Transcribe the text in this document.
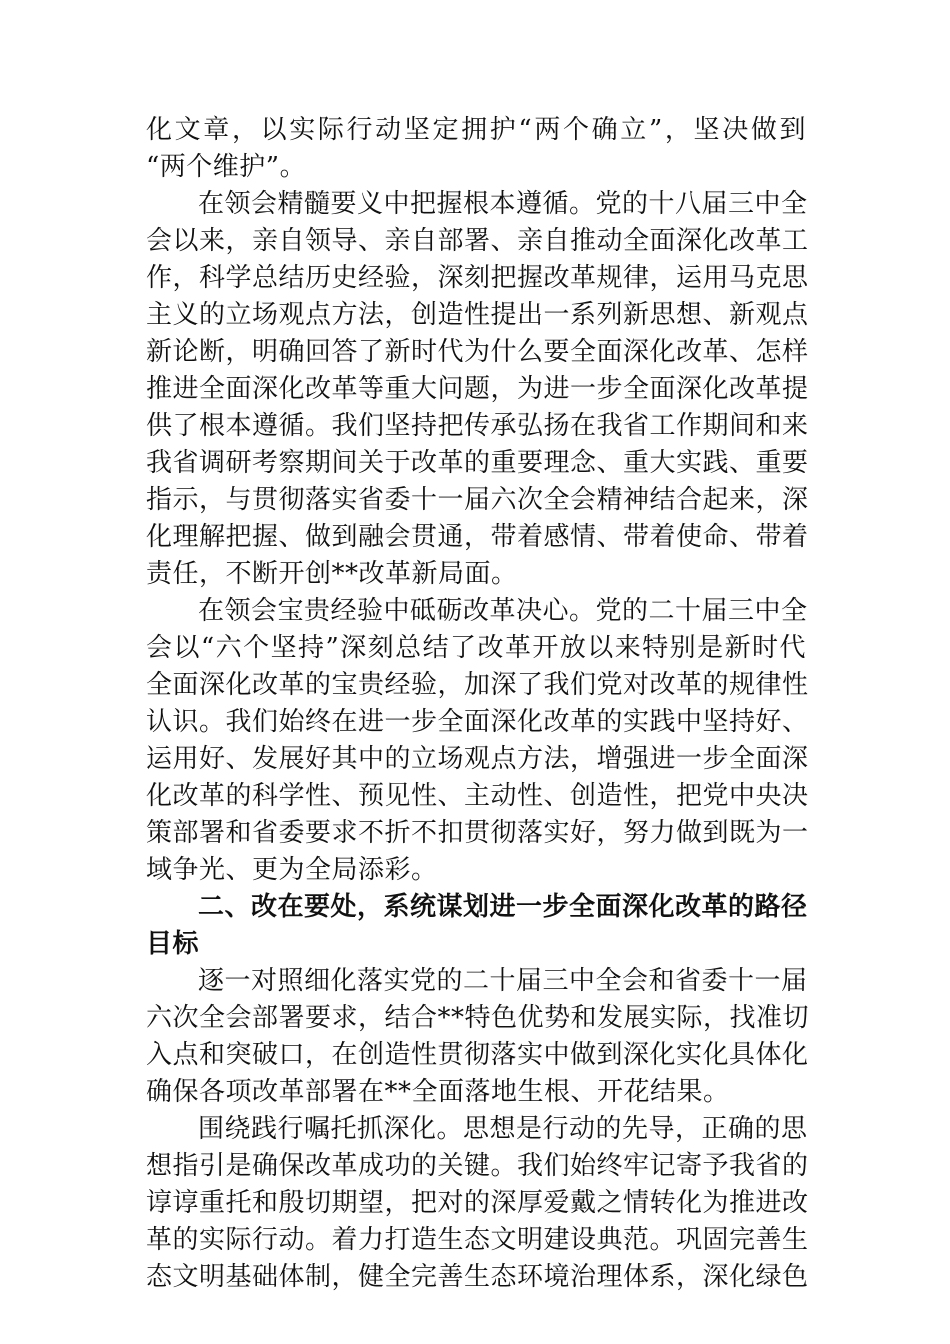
化文章，以实际行动坚定拥护“两个确立”，坚决做到
“两个维护”。
在领会精髓要义中把握根本遵循。党的十八届三中全
会以来，亲自领导、亲自部署、亲自推动全面深化改革工
作，科学总结历史经验，深刻把握改革规律，运用马克思
主义的立场观点方法，创造性提出一系列新思想、新观点
新论断，明确回答了新时代为什么要全面深化改革、怎样
推进全面深化改革等重大问题，为进一步全面深化改革提
供了根本遵循。我们坚持把传承弘扬在我省工作期间和来
我省调研考察期间关于改革的重要理念、重大实践、重要
指示，与贯彻落实省委十一届六次全会精神结合起来，深
化理解把握、做到融会贯通，带着感情、带着使命、带着
责任，不断开创**改革新局面。
在领会宝贵经验中砥砺改革决心。党的二十届三中全
会以“六个坚持”深刻总结了改革开放以来特别是新时代
全面深化改革的宝贵经验，加深了我们党对改革的规律性
认识。我们始终在进一步全面深化改革的实践中坚持好、
运用好、发展好其中的立场观点方法，增强进一步全面深
化改革的科学性、预见性、主动性、创造性，把党中央决
策部署和省委要求不折不扣贯彻落实好，努力做到既为一
域争光、更为全局添彩。
二、改在要处，系统谋划进一步全面深化改革的路径
目标
逐一对照细化落实党的二十届三中全会和省委十一届
六次全会部署要求，结合**特色优势和发展实际，找准切
入点和突破口，在创造性贯彻落实中做到深化实化具体化
确保各项改革部署在**全面落地生根、开花结果。
围绕践行嘱托抓深化。思想是行动的先导，正确的思
想指引是确保改革成功的关键。我们始终牢记寄予我省的
谆谆重托和殷切期望，把对的深厚爱戴之情转化为推进改
革的实际行动。着力打造生态文明建设典范。巩固完善生
态文明基础体制，健全完善生态环境治理体系，深化绿色
